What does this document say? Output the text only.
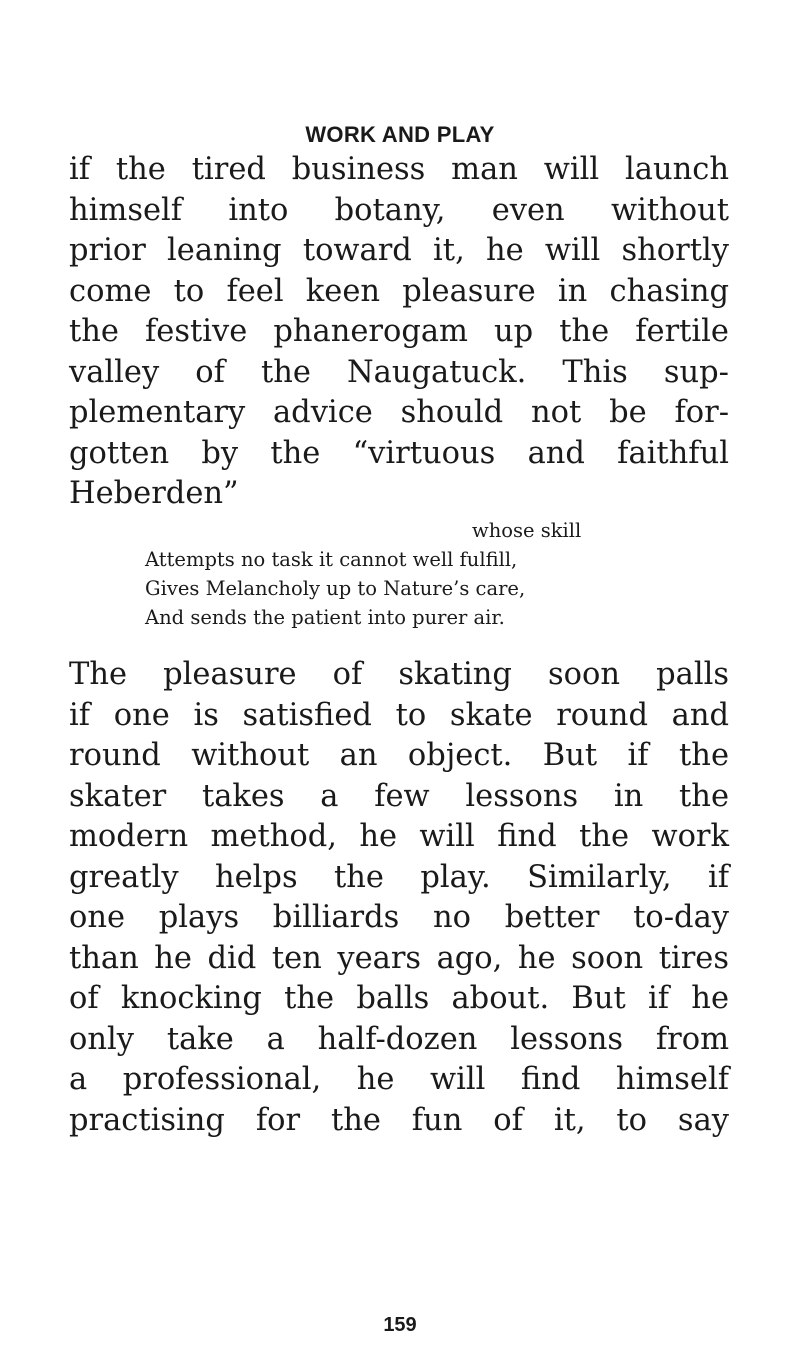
WORK AND PLAY
if the tired business man will launch
himself into botany, even without
prior leaning toward it, he will shortly
come to feel keen pleasure in chasing
the festive phanerogam up the fertile
valley of the Naugatuck. This sup-
plementary advice should not be for-
gotten by the “virtuous and faithful
Heberden”
whose skill
Attempts no task it cannot well fulfill,
Gives Melancholy up to Nature’s care,
And sends the patient into purer air.
The pleasure of skating soon palls
if one is satisfied to skate round and
round without an object. But if the
skater takes a few lessons in the
modern method, he will find the work
greatly helps the play. Similarly, if
one plays billiards no better to-day
than he did ten years ago, he soon tires
of knocking the balls about. But if he
only take a half-dozen lessons from
a professional, he will find himself
practising for the fun of it, to say
159
